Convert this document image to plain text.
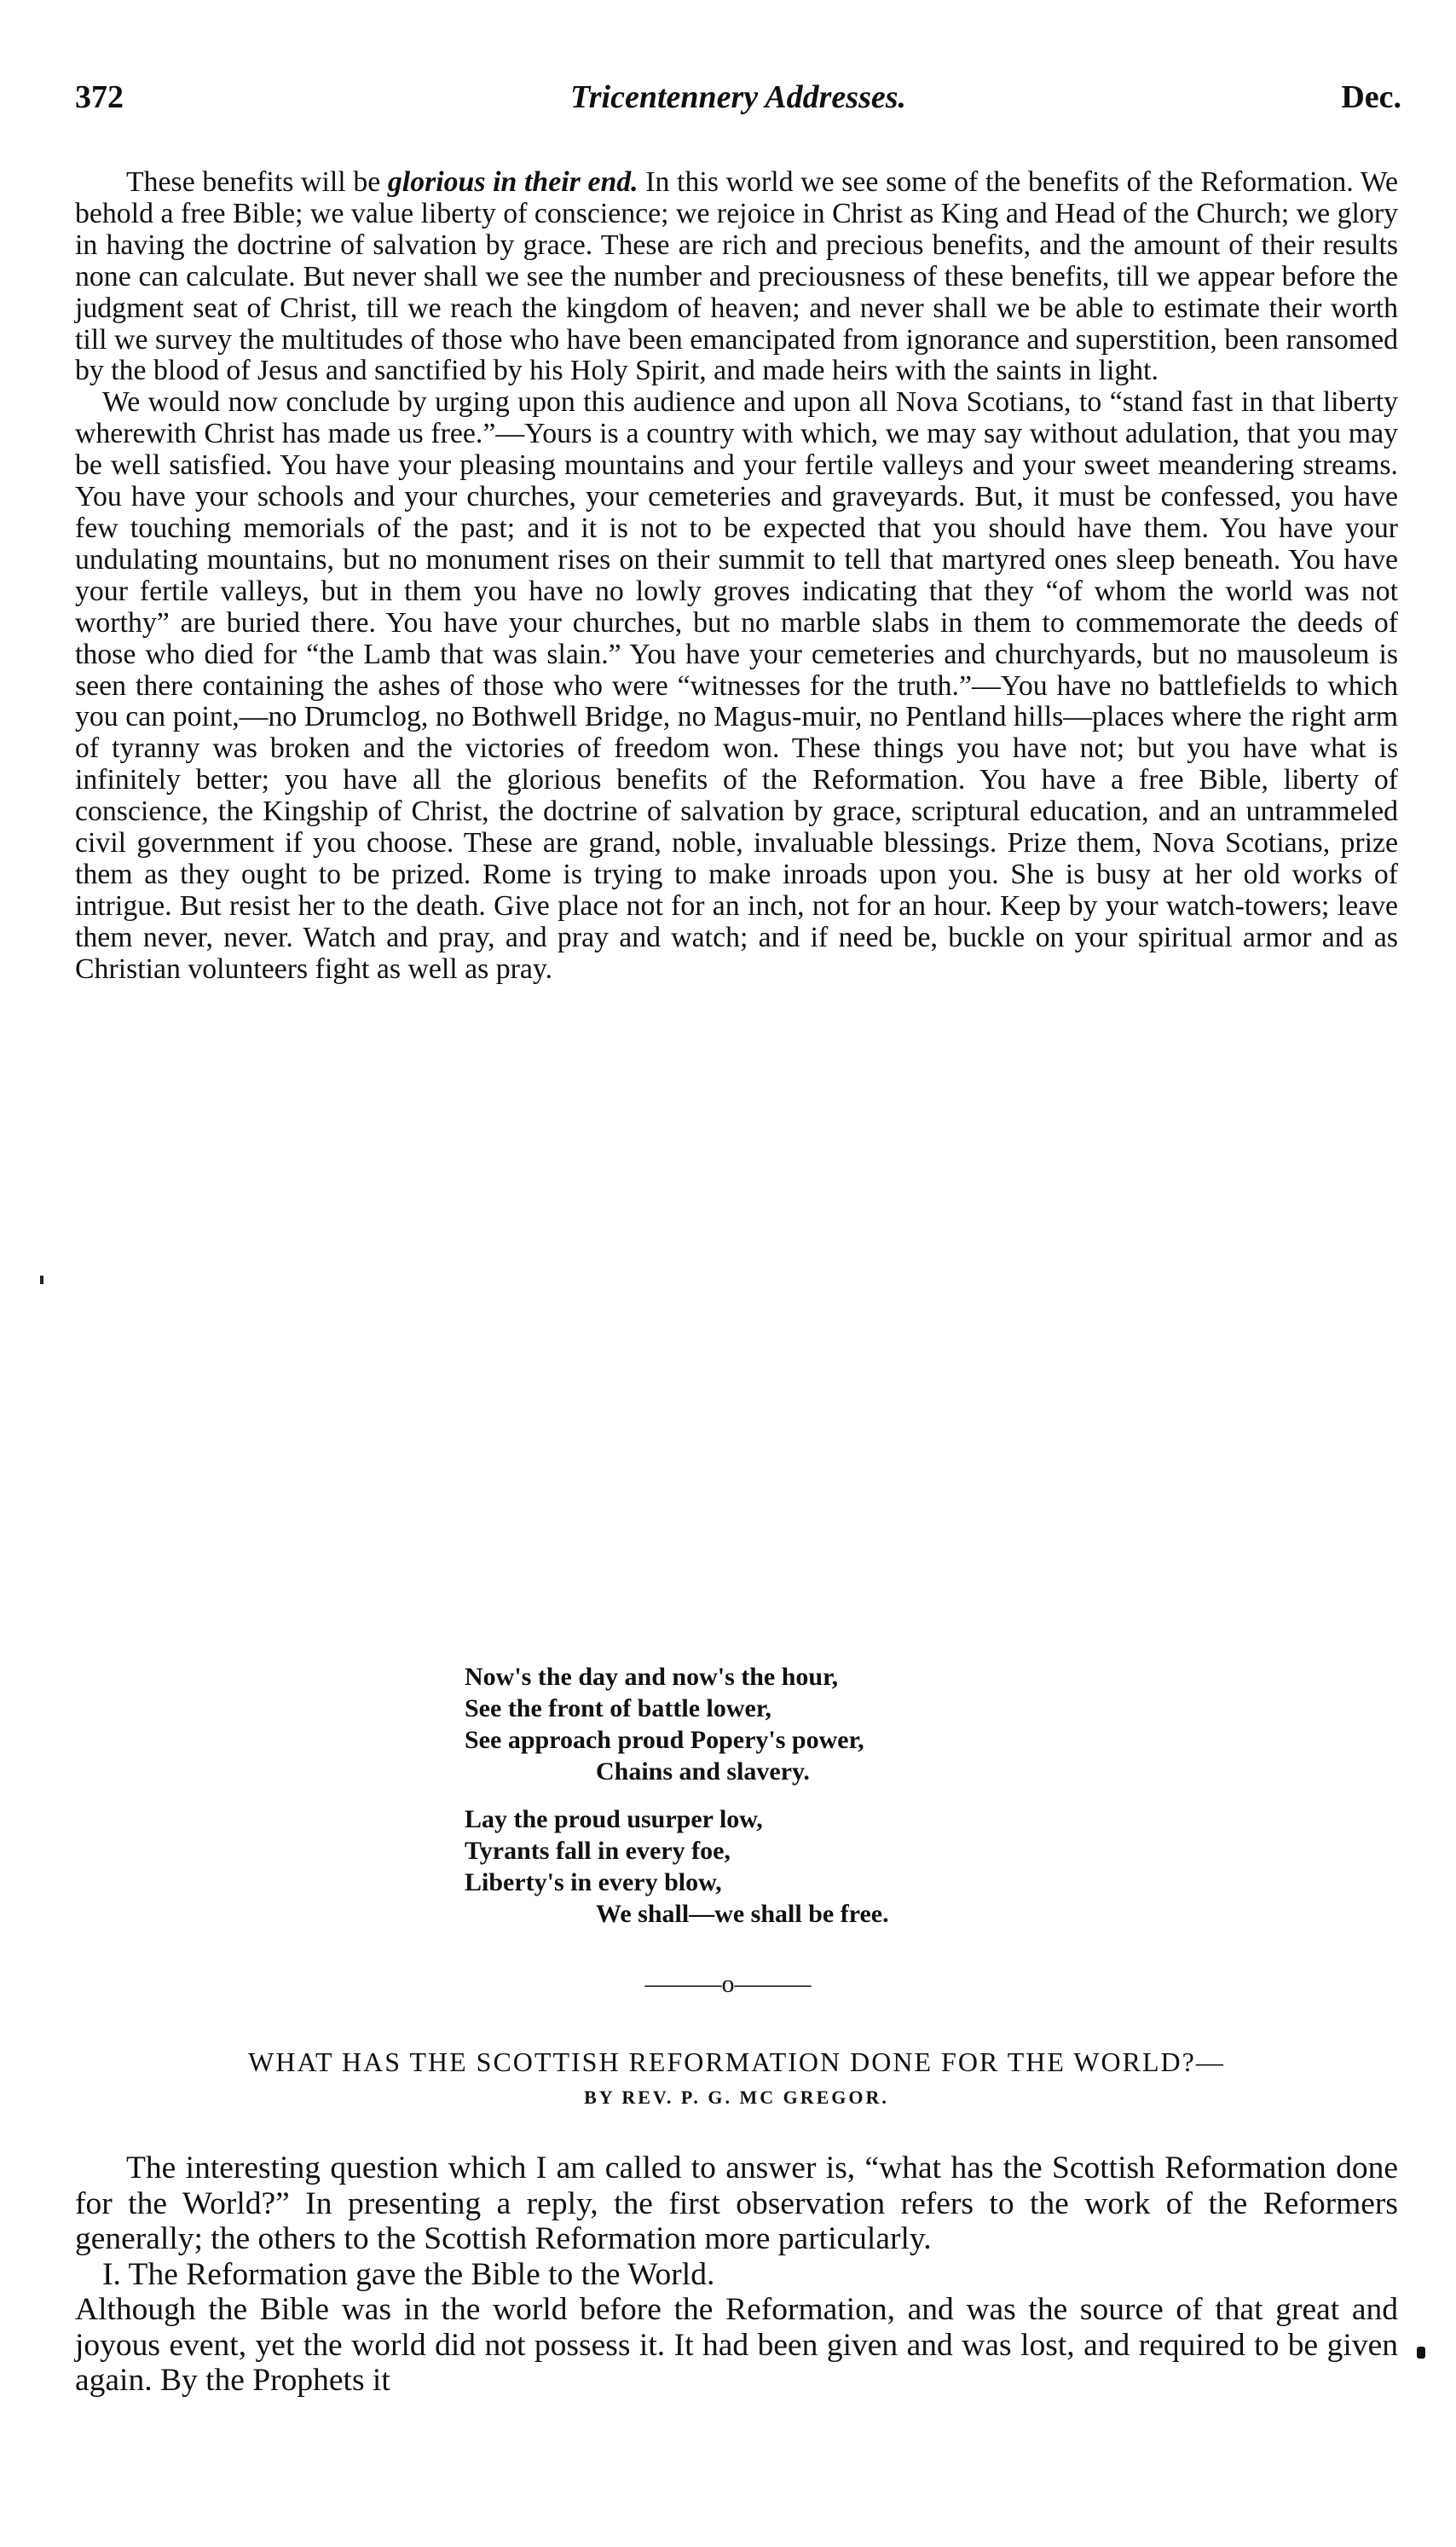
372	Tricentennery Addresses.	Dec.

These benefits will be glorious in their end. In this world we see some of the benefits of the Reformation. We behold a free Bible; we value liberty of conscience; we rejoice in Christ as King and Head of the Church; we glory in having the doctrine of salvation by grace. These are rich and precious benefits, and the amount of their results none can calculate. But never shall we see the number and preciousness of these benefits, till we appear before the judgment seat of Christ, till we reach the kingdom of heaven; and never shall we be able to estimate their worth till we survey the multitudes of those who have been emancipated from ignorance and superstition, been ransomed by the blood of Jesus and sanctified by his Holy Spirit, and made heirs with the saints in light.

We would now conclude by urging upon this audience and upon all Nova Scotians, to “stand fast in that liberty wherewith Christ has made us free.”—Yours is a country with which, we may say without adulation, that you may be well satisfied. You have your pleasing mountains and your fertile valleys and your sweet meandering streams. You have your schools and your churches, your cemeteries and graveyards. But, it must be confessed, you have few touching memorials of the past; and it is not to be expected that you should have them. You have your undulating mountains, but no monument rises on their summit to tell that martyred ones sleep beneath. You have your fertile valleys, but in them you have no lowly groves indicating that they “of whom the world was not worthy” are buried there. You have your churches, but no marble slabs in them to commemorate the deeds of those who died for “the Lamb that was slain.” You have your cemeteries and churchyards, but no mausoleum is seen there containing the ashes of those who were “witnesses for the truth.”—You have no battlefields to which you can point,—no Drumclog, no Bothwell Bridge, no Magus-muir, no Pentland hills—places where the right arm of tyranny was broken and the victories of freedom won. These things you have not; but you have what is infinitely better; you have all the glorious benefits of the Reformation. You have a free Bible, liberty of conscience, the Kingship of Christ, the doctrine of salvation by grace, scriptural education, and an untrammeled civil government if you choose. These are grand, noble, invaluable blessings. Prize them, Nova Scotians, prize them as they ought to be prized. Rome is trying to make inroads upon you. She is busy at her old works of intrigue. But resist her to the death. Give place not for an inch, not for an hour. Keep by your watch-towers; leave them never, never. Watch and pray, and pray and watch; and if need be, buckle on your spiritual armor and as Christian volunteers fight as well as pray.

Now's the day and now's the hour,
See the front of battle lower,
See approach proud Popery's power,
Chains and slavery.
Lay the proud usurper low,
Tyrants fall in every foe,
Liberty's in every blow,
We shall—we shall be free.
———o———
WHAT HAS THE SCOTTISH REFORMATION DONE FOR THE WORLD?—
BY REV. P. G. MC GREGOR.

The interesting question which I am called to answer is, “what has the Scottish Reformation done for the World?” In presenting a reply, the first observation refers to the work of the Reformers generally; the others to the Scottish Reformation more particularly.

I. The Reformation gave the Bible to the World.

Although the Bible was in the world before the Reformation, and was the source of that great and joyous event, yet the world did not possess it. It had been given and was lost, and required to be given again. By the Prophets it
